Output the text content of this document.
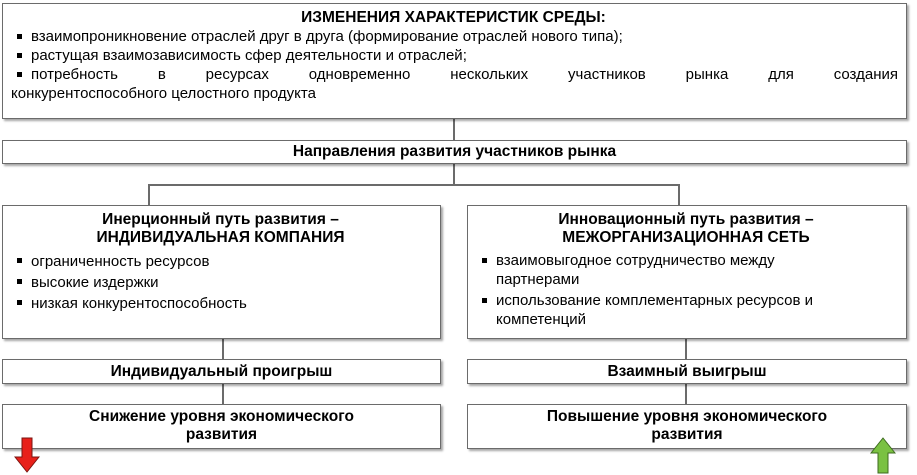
ИЗМЕНЕНИЯ ХАРАКТЕРИСТИК СРЕДЫ:
взаимопроникновение отраслей друг в друга (формирование отраслей нового типа);
растущая взаимозависимость сфер деятельности и отраслей;
потребность в ресурсах одновременно нескольких участников рынка для создания
конкурентоспособного целостного продукта
Направления развития участников рынка
Инерционный путь развития –
ИНДИВИДУАЛЬНАЯ КОМПАНИЯ
ограниченность ресурсов
высокие издержки
низкая конкурентоспособность
Инновационный путь развития –
МЕЖОРГАНИЗАЦИОННАЯ СЕТЬ
взаимовыгодное сотрудничество между партнерами
использование комплементарных ресурсов и компетенций
Индивидуальный проигрыш	Взаимный выигрыш
Снижение уровня экономического
развития
Повышение уровня экономического
развития
